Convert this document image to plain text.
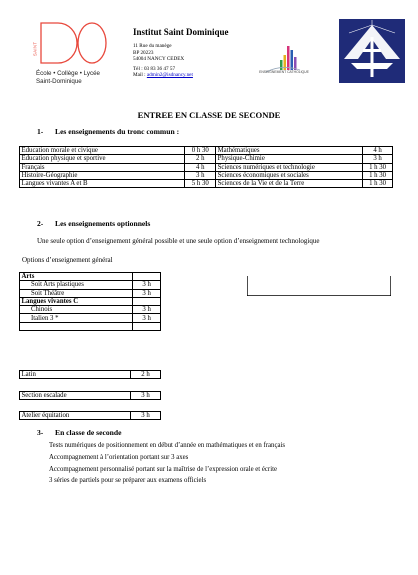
SAINT
École • Collège • Lycée
Saint-Dominique
Institut Saint Dominique
11 Rue du manège
BP 20223
54004 NANCY CEDEX
Tél : 03 83 36 47 57
Mail : admin2@isdnancy.net
ENSEIGNEMENT CATHOLIQUE
ENTREE EN CLASSE DE SECONDE
1- Les enseignements du tronc commun :
Education morale et civique	0 h 30	Mathématiques	4 h
Education physique et sportive	2 h	Physique-Chimie	3 h
Français	4 h	Sciences numériques et technologie	1 h 30
Histoire-Géographie	3 h	Sciences économiques et sociales	1 h 30
Langues vivantes A et B	5 h 30	Sciences de la Vie et de la Terre	1 h 30
2- Les enseignements optionnels
Une seule option d’enseignement général possible et une seule option d’enseignement technologique
Options d’enseignement général
Arts	
Soit Arts plastiques	3 h
Soit Théâtre	3 h
Langues vivantes C	
Chinois	3 h
Italien 3 *	3 h

Latin	2 h
Section escalade	3 h
Atelier équitation	3 h
3- En classe de seconde
Tests numériques de positionnement en début d’année en mathématiques et en français
Accompagnement à l’orientation portant sur 3 axes
Accompagnement personnalisé portant sur la maîtrise de l’expression orale et écrite
3 séries de partiels pour se préparer aux examens officiels
